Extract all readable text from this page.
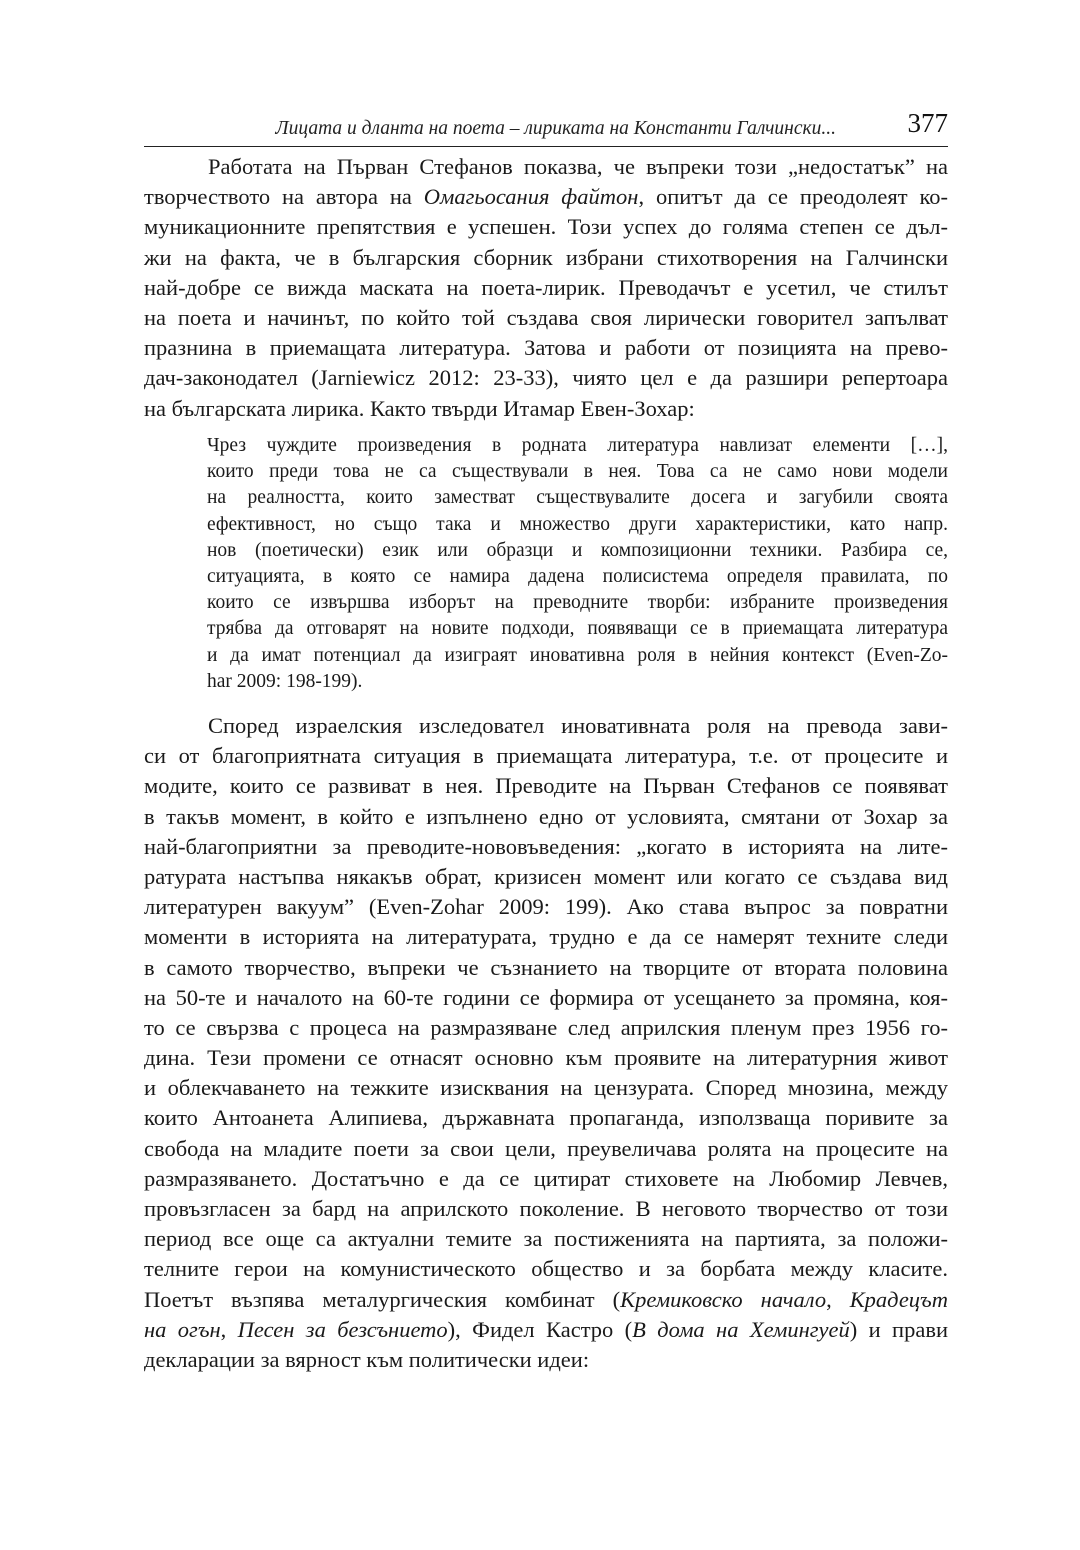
Лицата и дланта на поета – лириката на Константи Галчински...	377
Работата на Първан Стефанов показва, че въпреки този „недостатък” на
творчеството на автора на Омагьосания файтон, опитът да се преодолеят ко-
муникационните препятствия е успешен. Този успех до голяма степен се дъл-
жи на факта, че в българския сборник избрани стихотворения на Галчински
най-добре се вижда маската на поета-лирик. Преводачът е усетил, че стилът
на поета и начинът, по който той създава своя лирически говорител запълват
празнина в приемащата литература. Затова и работи от позицията на прево-
дач-законодател (Jarniewicz 2012: 23-33), чиято цел е да разшири репертоара
на българската лирика. Както твърди Итамар Евен-Зохар:
Чрез чуждите произведения в родната литература навлизат елементи […],
които преди това не са съществували в нея. Това са не само нови модели
на реалността, които заместват съществувалите досега и загубили своята
ефективност, но също така и множество други характеристики, като напр.
нов (поетически) език или образци и композиционни техники. Разбира се,
ситуацията, в която се намира дадена полисистема определя правилата, по
които се извършва изборът на преводните творби: избраните произведения
трябва да отговарят на новите подходи, появяващи се в приемащата литература
и да имат потенциал да изиграят иновативна роля в нейния контекст (Even-Zo-
har 2009: 198-199).
Според израелския изследовател иновативната роля на превода зави-
си от благоприятната ситуация в приемащата литература, т.е. от процесите и
модите, които се развиват в нея. Преводите на Първан Стефанов се появяват
в такъв момент, в който е изпълнено едно от условията, смятани от Зохар за
най-благоприятни за преводите-нововъведения: „когато в историята на лите-
ратурата настъпва някакъв обрат, кризисен момент или когато се създава вид
литературен вакуум” (Even-Zohar 2009: 199). Ако става въпрос за повратни
моменти в историята на литературата, трудно е да се намерят техните следи
в самото творчество, въпреки че съзнанието на творците от втората половина
на 50-те и началото на 60-те години се формира от усещането за промяна, коя-
то се свързва с процеса на размразяване след априлския пленум през 1956 го-
дина. Тези промени се отнасят основно към проявите на литературния живот
и облекчаването на тежките изисквания на цензурата. Според мнозина, между
които Антоанета Алипиева, държавната пропаганда, използваща поривите за
свобода на младите поети за свои цели, преувеличава ролята на процесите на
размразяването. Достатъчно е да се цитират стиховете на Любомир Левчев,
провъзгласен за бард на априлското поколение. В неговото творчество от този
период все още са актуални темите за постиженията на партията, за положи-
телните герои на комунистическото общество и за борбата между класите.
Поетът възпява металургическия комбинат (Кремиковско начало, Крадецът
на огън, Песен за безсънието), Фидел Кастро (В дома на Хемингуей) и прави
декларации за вярност към политически идеи:
